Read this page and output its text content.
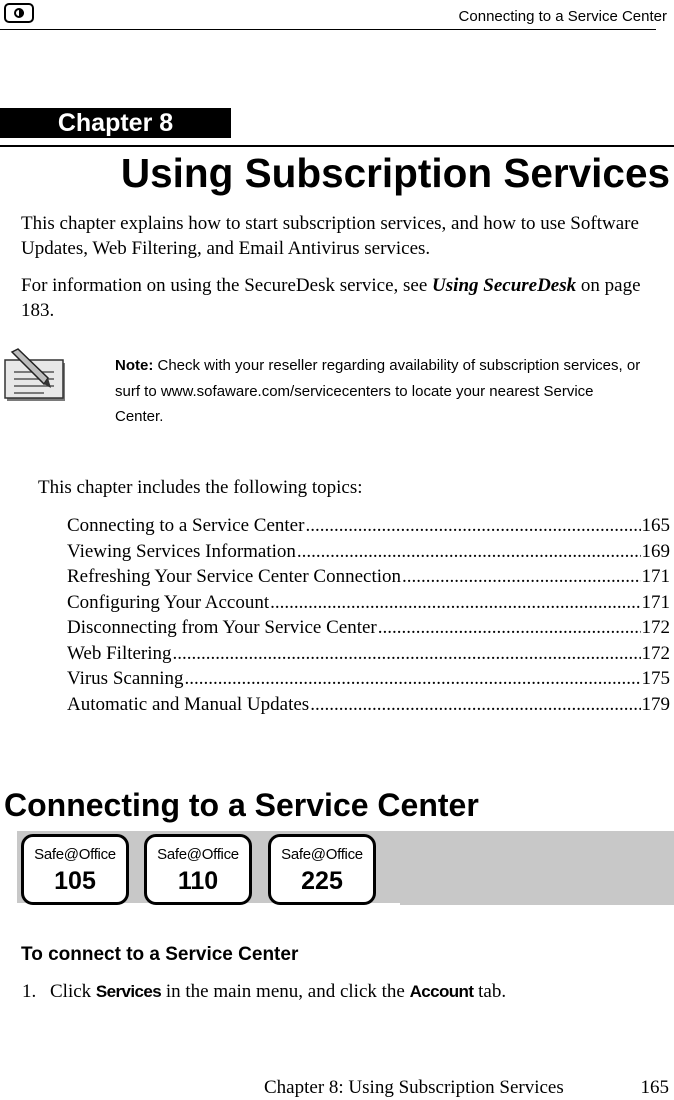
Connecting to a Service Center
Chapter 8
Using Subscription Services
This chapter explains how to start subscription services, and how to use Software Updates, Web Filtering, and Email Antivirus services.
For information on using the SecureDesk service, see Using SecureDesk on page 183.
Note: Check with your reseller regarding availability of subscription services, or surf to www.sofaware.com/servicecenters to locate your nearest Service Center.
This chapter includes the following topics:
Connecting to a Service Center .....	165
Viewing Services Information .....	169
Refreshing Your Service Center Connection .....	171
Configuring Your Account .....	171
Disconnecting from Your Service Center .....	172
Web Filtering .....	172
Virus Scanning .....	175
Automatic and Manual Updates .....	179
Connecting to a Service Center
Safe@Office
105
Safe@Office
110
Safe@Office
225
To connect to a Service Center
1. Click Services in the main menu, and click the Account tab.
Chapter 8: Using Subscription Services	165
